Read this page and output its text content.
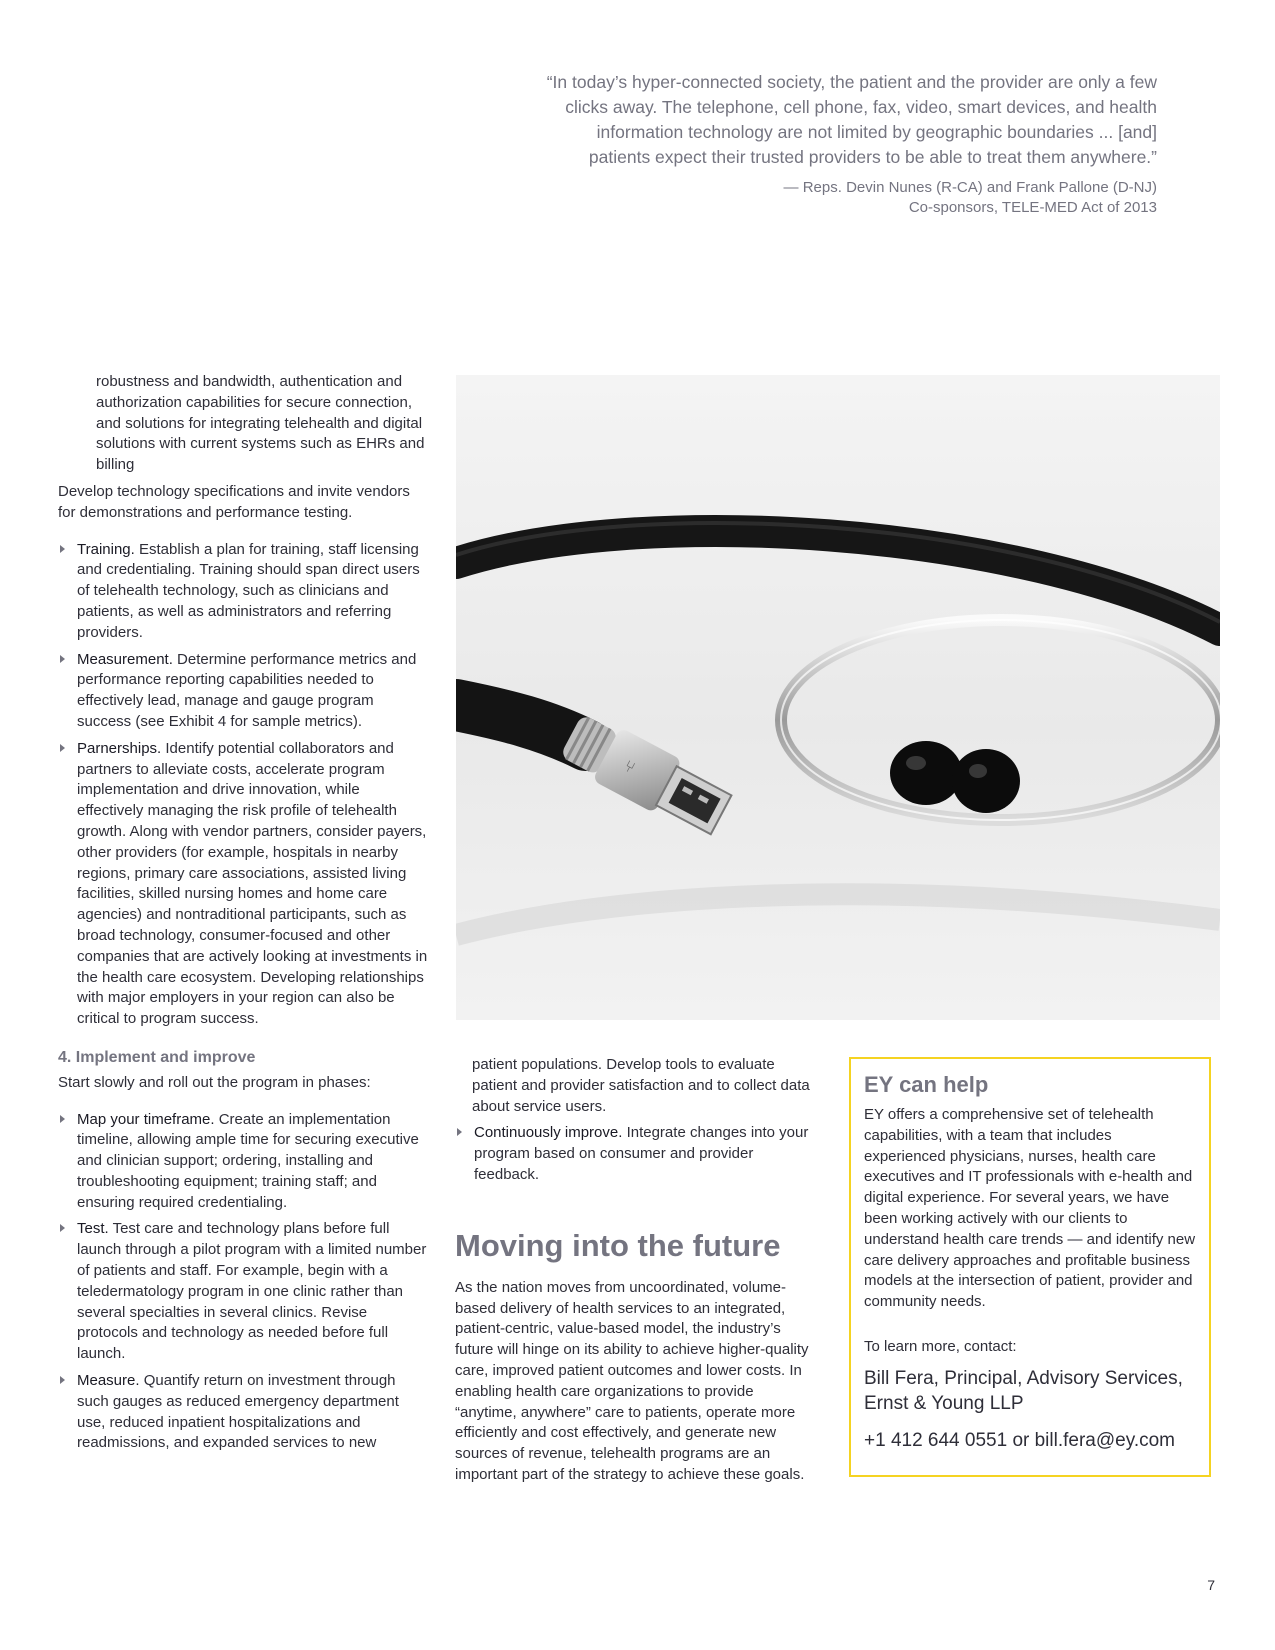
“In today’s hyper-connected society, the patient and the provider are only a few

clicks away. The telephone, cell phone, fax, video, smart devices, and health

information technology are not limited by geographic boundaries ... [and]

patients expect their trusted providers to be able to treat them anywhere.”

— Reps. Devin Nunes (R-CA) and Frank Pallone (D-NJ)
Co-sponsors, TELE-MED Act of 2013

robustness and bandwidth, authentication and authorization capabilities for secure connection, and solutions for integrating telehealth and digital solutions with current systems such as EHRs and billing

Develop technology specifications and invite vendors for demonstrations and performance testing.

Training. Establish a plan for training, staff licensing and credentialing. Training should span direct users of telehealth technology, such as clinicians and patients, as well as administrators and referring providers.
Measurement. Determine performance metrics and performance reporting capabilities needed to effectively lead, manage and gauge program success (see Exhibit 4 for sample metrics).
Parnerships. Identify potential collaborators and partners to alleviate costs, accelerate program implementation and drive innovation, while effectively managing the risk profile of telehealth growth. Along with vendor partners, consider payers, other providers (for example, hospitals in nearby regions, primary care associations, assisted living facilities, skilled nursing homes and home care agencies) and nontraditional participants, such as broad technology, consumer-focused and other companies that are actively looking at investments in the health care ecosystem. Developing relationships with major employers in your region can also be critical to program success.

4. Implement and improve

Start slowly and roll out the program in phases:

Map your timeframe. Create an implementation timeline, allowing ample time for securing executive and clinician support; ordering, installing and troubleshooting equipment; training staff; and ensuring required credentialing.
Test. Test care and technology plans before full launch through a pilot program with a limited number of patients and staff. For example, begin with a teledermatology program in one clinic rather than several specialties in several clinics. Revise protocols and technology as needed before full launch.
Measure. Quantify return on investment through such gauges as reduced emergency department use, reduced inpatient hospitalizations and readmissions, and expanded services to new
⑂

patient populations. Develop tools to evaluate patient and provider satisfaction and to collect data about service users.

Continuously improve. Integrate changes into your program based on consumer and provider feedback.

Moving into the future

As the nation moves from uncoordinated, volume-based delivery of health services to an integrated, patient-centric, value-based model, the industry’s future will hinge on its ability to achieve higher-quality care, improved patient outcomes and lower costs. In enabling health care organizations to provide “anytime, anywhere” care to patients, operate more efficiently and cost effectively, and generate new sources of revenue, telehealth programs are an important part of the strategy to achieve these goals.

EY can help

EY offers a comprehensive set of telehealth capabilities, with a team that includes experienced physicians, nurses, health care executives and IT professionals with e-health and digital experience. For several years, we have been working actively with our clients to understand health care trends — and identify new care delivery approaches and profitable business models at the intersection of patient, provider and community needs.

To learn more, contact:

Bill Fera, Principal, Advisory Services, Ernst & Young LLP

+1 412 644 0551 or bill.fera@ey.com

7
